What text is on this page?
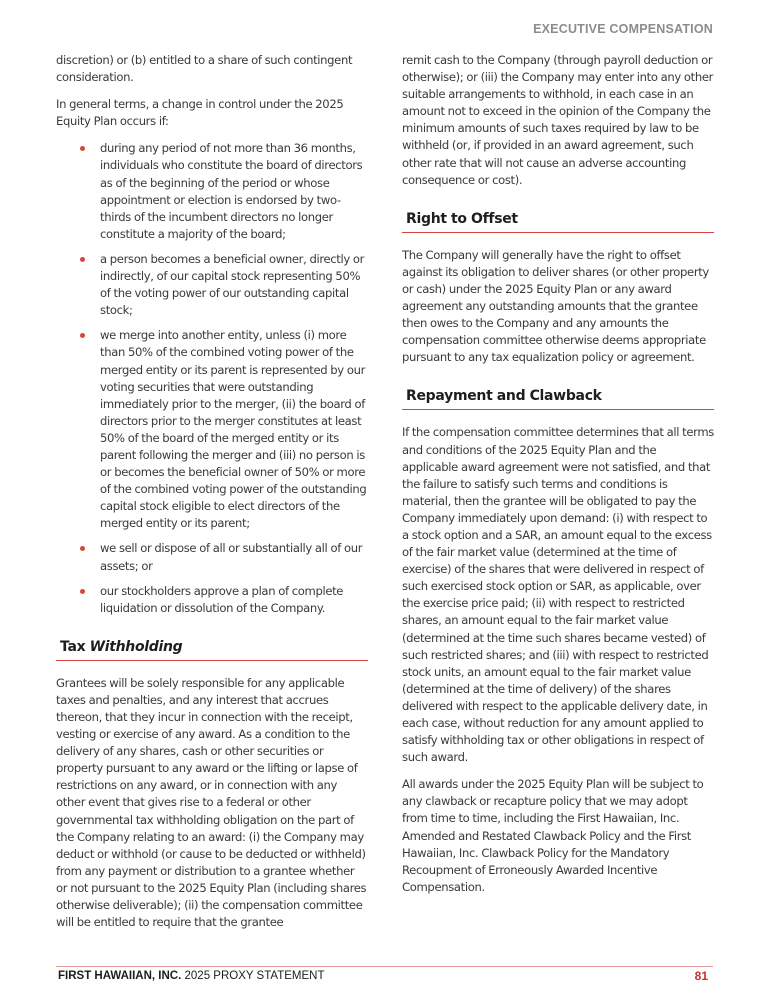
EXECUTIVE COMPENSATION

discretion) or (b) entitled to a share of such contingent consideration.

In general terms, a change in control under the 2025 Equity Plan occurs if:

during any period of not more than 36 months, individuals who constitute the board of directors as of the beginning of the period or whose appointment or election is endorsed by two-thirds of the incumbent directors no longer constitute a majority of the board;
a person becomes a beneficial owner, directly or indirectly, of our capital stock representing 50% of the voting power of our outstanding capital stock;
we merge into another entity, unless (i) more than 50% of the combined voting power of the merged entity or its parent is represented by our voting securities that were outstanding immediately prior to the merger, (ii) the board of directors prior to the merger constitutes at least 50% of the board of the merged entity or its parent following the merger and (iii) no person is or becomes the beneficial owner of 50% or more of the combined voting power of the outstanding capital stock eligible to elect directors of the merged entity or its parent;
we sell or dispose of all or substantially all of our assets; or
our stockholders approve a plan of complete liquidation or dissolution of the Company.
Tax Withholding

Grantees will be solely responsible for any applicable taxes and penalties, and any interest that accrues thereon, that they incur in connection with the receipt, vesting or exercise of any award. As a condition to the delivery of any shares, cash or other securities or property pursuant to any award or the lifting or lapse of restrictions on any award, or in connection with any other event that gives rise to a federal or other governmental tax withholding obligation on the part of the Company relating to an award: (i) the Company may deduct or withhold (or cause to be deducted or withheld) from any payment or distribution to a grantee whether or not pursuant to the 2025 Equity Plan (including shares otherwise deliverable); (ii) the compensation committee will be entitled to require that the grantee

remit cash to the Company (through payroll deduction or otherwise); or (iii) the Company may enter into any other suitable arrangements to withhold, in each case in an amount not to exceed in the opinion of the Company the minimum amounts of such taxes required by law to be withheld (or, if provided in an award agreement, such other rate that will not cause an adverse accounting consequence or cost).

Right to Offset

The Company will generally have the right to offset against its obligation to deliver shares (or other property or cash) under the 2025 Equity Plan or any award agreement any outstanding amounts that the grantee then owes to the Company and any amounts the compensation committee otherwise deems appropriate pursuant to any tax equalization policy or agreement.

Repayment and Clawback

If the compensation committee determines that all terms and conditions of the 2025 Equity Plan and the applicable award agreement were not satisfied, and that the failure to satisfy such terms and conditions is material, then the grantee will be obligated to pay the Company immediately upon demand: (i) with respect to a stock option and a SAR, an amount equal to the excess of the fair market value (determined at the time of exercise) of the shares that were delivered in respect of such exercised stock option or SAR, as applicable, over the exercise price paid; (ii) with respect to restricted shares, an amount equal to the fair market value (determined at the time such shares became vested) of such restricted shares; and (iii) with respect to restricted stock units, an amount equal to the fair market value (determined at the time of delivery) of the shares delivered with respect to the applicable delivery date, in each case, without reduction for any amount applied to satisfy withholding tax or other obligations in respect of such award.

All awards under the 2025 Equity Plan will be subject to any clawback or recapture policy that we may adopt from time to time, including the First Hawaiian, Inc. Amended and Restated Clawback Policy and the First Hawaiian, Inc. Clawback Policy for the Mandatory Recoupment of Erroneously Awarded Incentive Compensation.

FIRST HAWAIIAN, INC. 2025 PROXY STATEMENT	81
